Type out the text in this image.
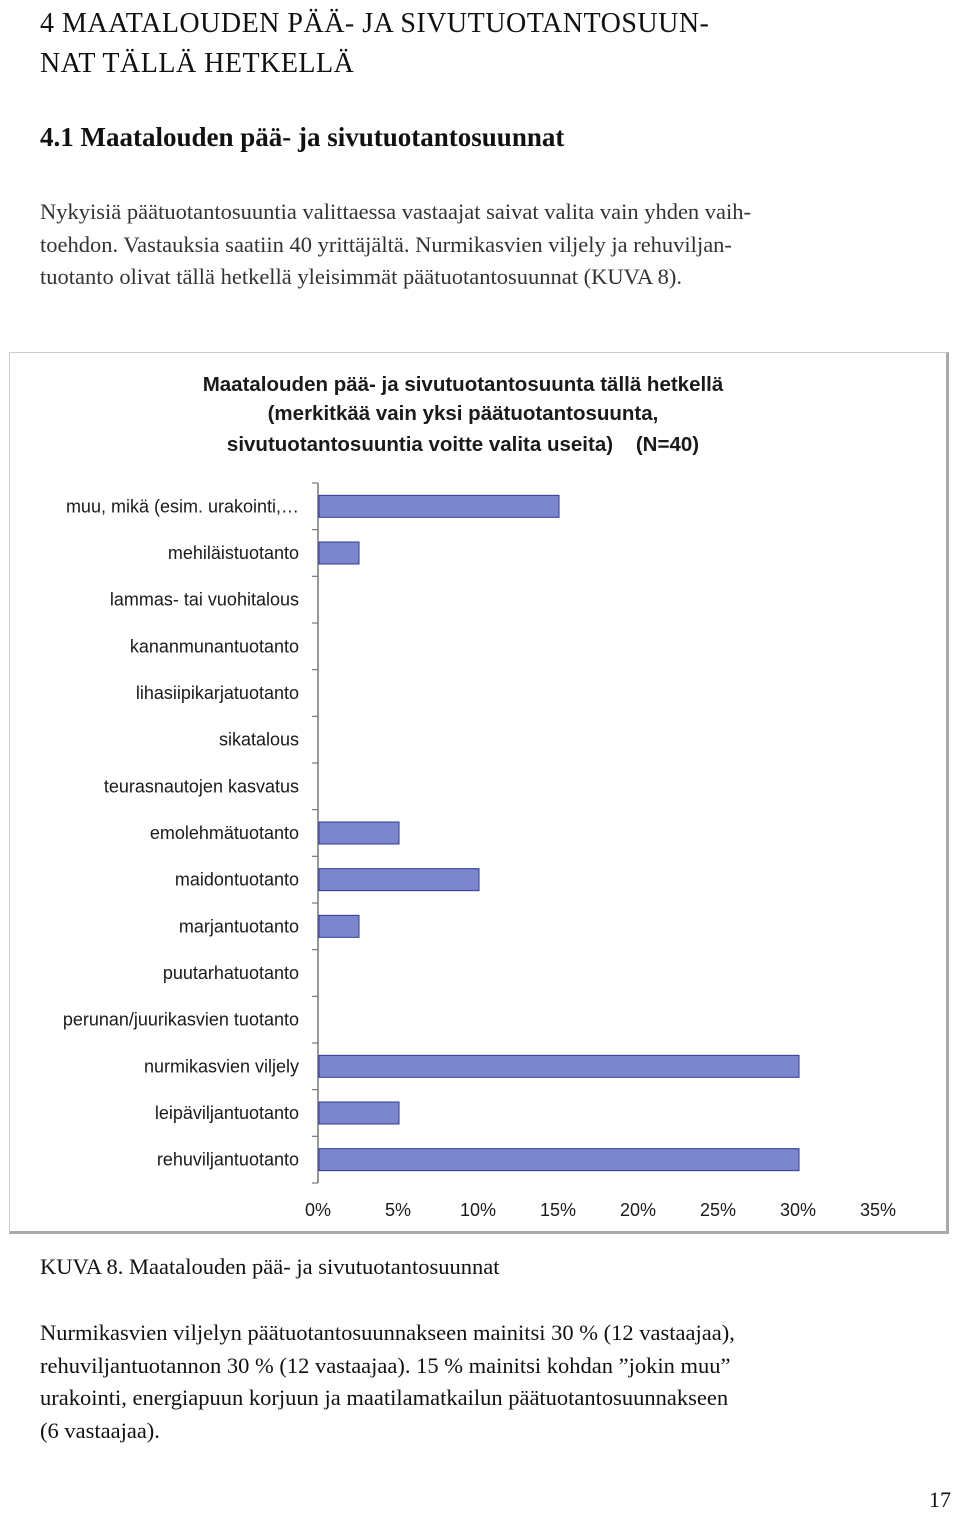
4 MAATALOUDEN PÄÄ- JA SIVUTUOTANTOSUUN-
NAT TÄLLÄ HETKELLÄ
4.1 Maatalouden pää- ja sivutuotantosuunnat

Nykyisiä päätuotantosuuntia valittaessa vastaajat saivat valita vain yhden vaih-
toehdon. Vastauksia saatiin 40 yrittäjältä. Nurmikasvien viljely ja rehuviljan-
tuotanto olivat tällä hetkellä yleisimmät päätuotantosuunnat (KUVA 8).

Maatalouden pää- ja sivutuotantosuunta tällä hetkellä
(merkitkää vain yksi päätuotantosuunta,
sivutuotantosuuntia voitte valita useita)    (N=40)
muu, mikä (esim. urakointi,…
mehiläistuotanto
lammas- tai vuohitalous
kananmunantuotanto
lihasiipikarjatuotanto
sikatalous
teurasnautojen kasvatus
emolehmätuotanto
maidontuotanto
marjantuotanto
puutarhatuotanto
perunan/juurikasvien tuotanto
nurmikasvien viljely
leipäviljantuotanto
rehuviljantuotanto
0%	5%	10% 15% 20% 25% 30% 35%

KUVA 8. Maatalouden pää- ja sivutuotantosuunnat

Nurmikasvien viljelyn päätuotantosuunnakseen mainitsi 30 % (12 vastaajaa),
rehuviljantuotannon 30 % (12 vastaajaa). 15 % mainitsi kohdan ”jokin muu”
urakointi, energiapuun korjuun ja maatilamatkailun päätuotantosuunnakseen
(6 vastaajaa).

17
